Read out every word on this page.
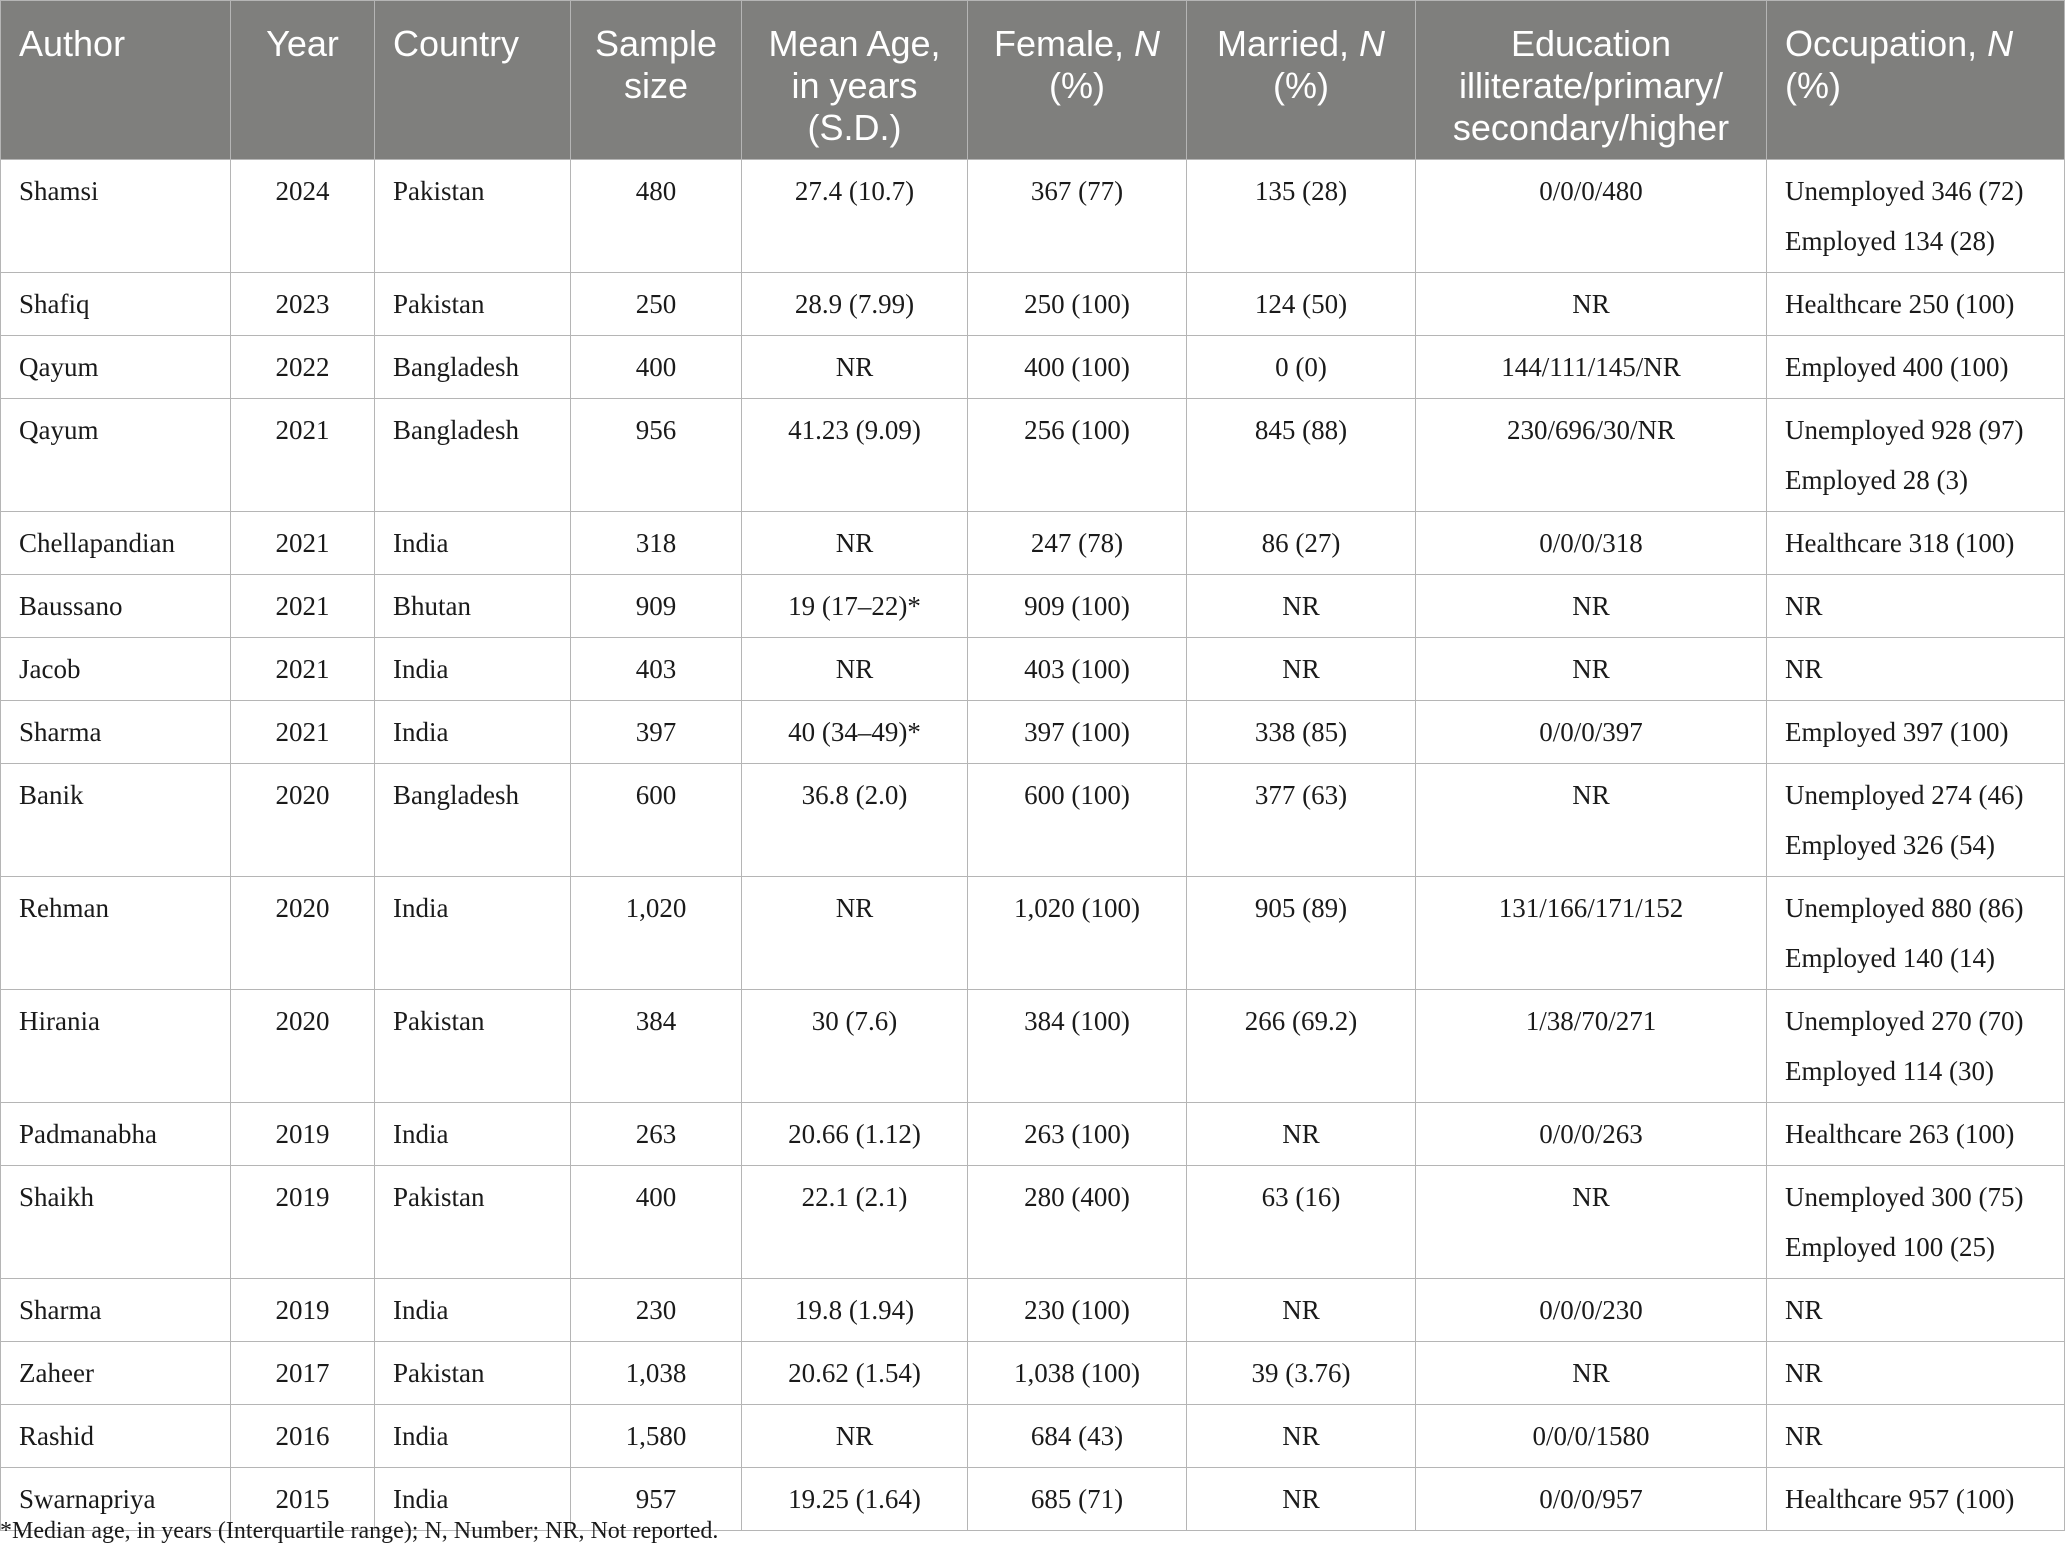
Author	Year	Country	Sample size	Mean Age, in years (S.D.)	Female, N (%)	Married, N (%)	Education illiterate/primary/ secondary/higher	Occupation, N (%)
Shamsi	2024	Pakistan	480	27.4 (10.7)	367 (77)	135 (28)	0/0/0/480	Unemployed 346 (72)
Employed 134 (28)

Shafiq	2023	Pakistan	250	28.9 (7.99)	250 (100)	124 (50)	NR	Healthcare 250 (100)

Qayum	2022	Bangladesh	400	NR	400 (100)	0 (0)	144/111/145/NR	Employed 400 (100)

Qayum	2021	Bangladesh	956	41.23 (9.09)	256 (100)	845 (88)	230/696/30/NR	Unemployed 928 (97)
Employed 28 (3)

Chellapandian	2021	India	318	NR	247 (78)	86 (27)	0/0/0/318	Healthcare 318 (100)

Baussano	2021	Bhutan	909	19 (17–22)*	909 (100)	NR	NR	NR

Jacob	2021	India	403	NR	403 (100)	NR	NR	NR

Sharma	2021	India	397	40 (34–49)*	397 (100)	338 (85)	0/0/0/397	Employed 397 (100)

Banik	2020	Bangladesh	600	36.8 (2.0)	600 (100)	377 (63)	NR	Unemployed 274 (46)
Employed 326 (54)

Rehman	2020	India	1,020	NR	1,020 (100)	905 (89)	131/166/171/152	Unemployed 880 (86)
Employed 140 (14)

Hirania	2020	Pakistan	384	30 (7.6)	384 (100)	266 (69.2)	1/38/70/271	Unemployed 270 (70)
Employed 114 (30)

Padmanabha	2019	India	263	20.66 (1.12)	263 (100)	NR	0/0/0/263	Healthcare 263 (100)

Shaikh	2019	Pakistan	400	22.1 (2.1)	280 (400)	63 (16)	NR	Unemployed 300 (75)
Employed 100 (25)

Sharma	2019	India	230	19.8 (1.94)	230 (100)	NR	0/0/0/230	NR

Zaheer	2017	Pakistan	1,038	20.62 (1.54)	1,038 (100)	39 (3.76)	NR	NR

Rashid	2016	India	1,580	NR	684 (43)	NR	0/0/0/1580	NR

Swarnapriya	2015	India	957	19.25 (1.64)	685 (71)	NR	0/0/0/957	Healthcare 957 (100)
*Median age, in years (Interquartile range); N, Number; NR, Not reported.
